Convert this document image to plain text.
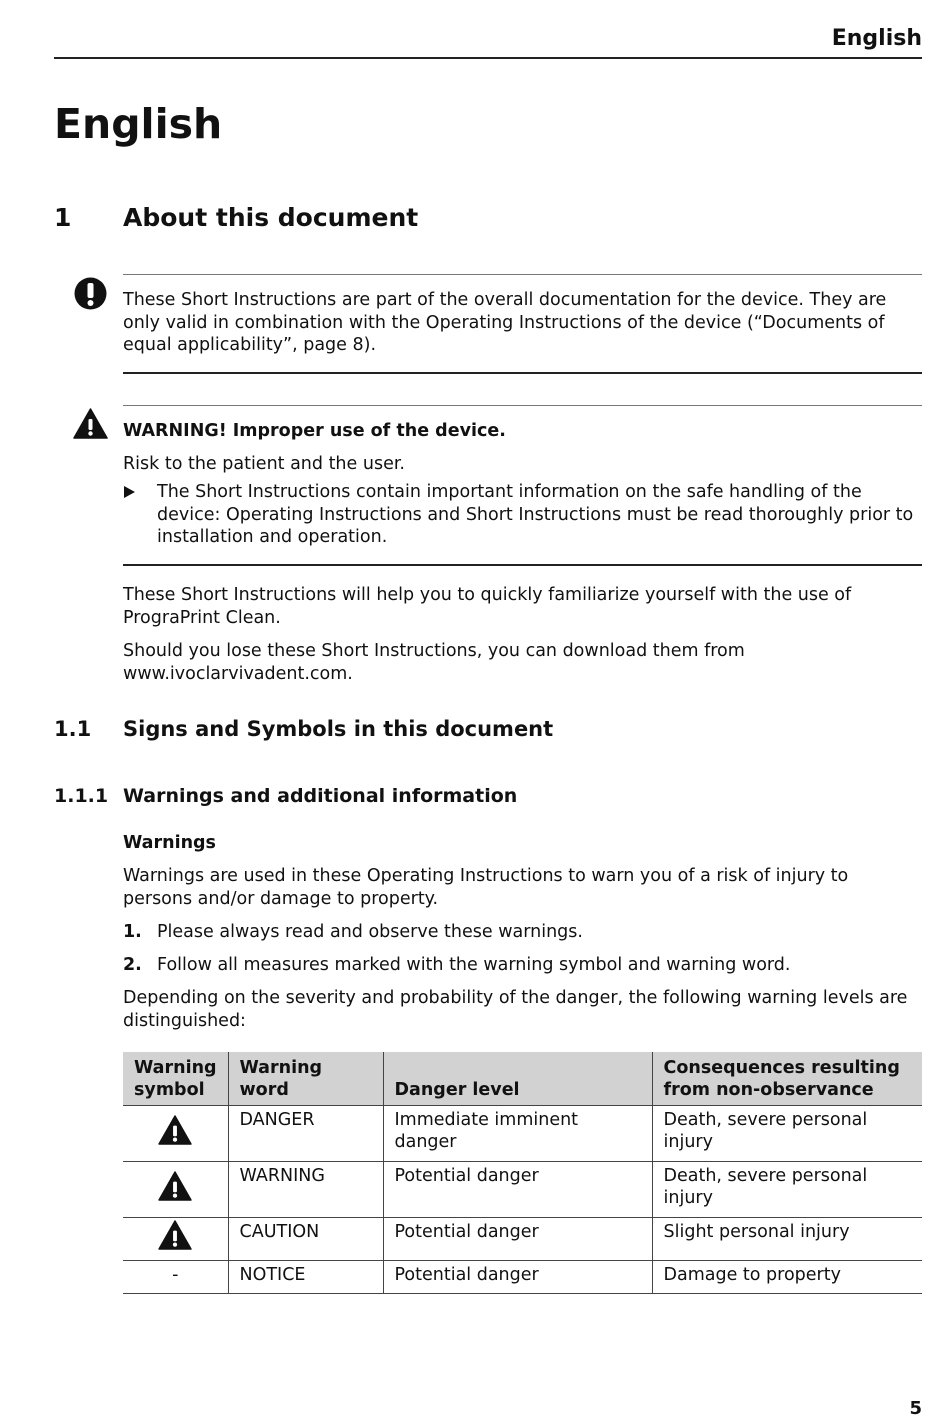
English
English
1 About this document
These Short Instructions are part of the overall documentation for the device. They are only valid in combination with the Operating Instructions of the device (“Documents of equal applicability”, page 8).
WARNING! Improper use of the device.
Risk to the patient and the user.
The Short Instructions contain important information on the safe handling of the device: Operating Instructions and Short Instructions must be read thoroughly prior to installation and operation.
These Short Instructions will help you to quickly familiarize yourself with the use of PrograPrint Clean.
Should you lose these Short Instructions, you can download them from www.ivoclarvivadent.com.
1.1 Signs and Symbols in this document
1.1.1 Warnings and additional information
Warnings
Warnings are used in these Operating Instructions to warn you of a risk of injury to persons and/or damage to property.
1. Please always read and observe these warnings.
2. Follow all measures marked with the warning symbol and warning word.
Depending on the severity and probability of the danger, the following warning levels are distinguished:
Warning symbol	Warning word	Danger level	Consequences resulting from non-observance
	DANGER	Immediate imminent danger	Death, severe personal injury
	WARNING	Potential danger	Death, severe personal injury
	CAUTION	Potential danger	Slight personal injury
-	NOTICE	Potential danger	Damage to property
5
